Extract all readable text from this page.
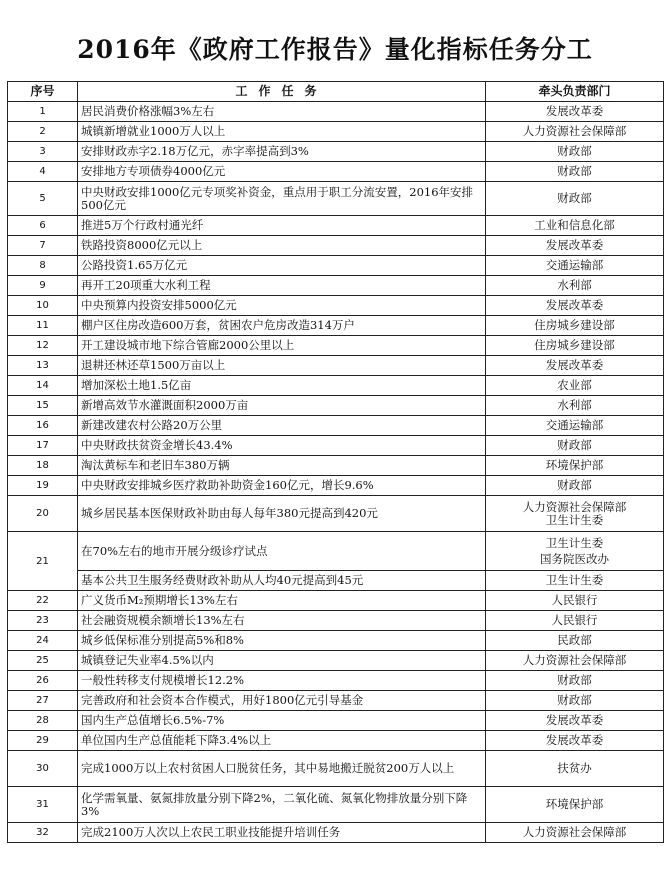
2016年《政府工作报告》量化指标任务分工
序号	工作任务	牵头负责部门
1	居民消费价格涨幅3%左右	发展改革委
2	城镇新增就业1000万人以上	人力资源社会保障部
3	安排财政赤字2.18万亿元，赤字率提高到3%	财政部
4	安排地方专项债券4000亿元	财政部
5	中央财政安排1000亿元专项奖补资金，重点用于职工分流安置，2016年安排500亿元	财政部
6	推进5万个行政村通光纤	工业和信息化部
7	铁路投资8000亿元以上	发展改革委
8	公路投资1.65万亿元	交通运输部
9	再开工20项重大水利工程	水利部
10	中央预算内投资安排5000亿元	发展改革委
11	棚户区住房改造600万套，贫困农户危房改造314万户	住房城乡建设部
12	开工建设城市地下综合管廊2000公里以上	住房城乡建设部
13	退耕还林还草1500万亩以上	发展改革委
14	增加深松土地1.5亿亩	农业部
15	新增高效节水灌溉面积2000万亩	水利部
16	新建改建农村公路20万公里	交通运输部
17	中央财政扶贫资金增长43.4%	财政部
18	淘汰黄标车和老旧车380万辆	环境保护部
19	中央财政安排城乡医疗救助补助资金160亿元，增长9.6%	财政部
20	城乡居民基本医保财政补助由每人每年380元提高到420元	人力资源社会保障部
卫生计生委

21	在70%左右的地市开展分级诊疗试点	卫生计生委
国务院医改办

	基本公共卫生服务经费财政补助从人均40元提高到45元	卫生计生委
22	广义货币M₂预期增长13%左右	人民银行
23	社会融资规模余额增长13%左右	人民银行
24	城乡低保标准分别提高5%和8%	民政部
25	城镇登记失业率4.5%以内	人力资源社会保障部
26	一般性转移支付规模增长12.2%	财政部
27	完善政府和社会资本合作模式，用好1800亿元引导基金	财政部
28	国内生产总值增长6.5%-7%	发展改革委
29	单位国内生产总值能耗下降3.4%以上	发展改革委
30	完成1000万以上农村贫困人口脱贫任务，其中易地搬迁脱贫200万人以上	扶贫办
31	化学需氧量、氨氮排放量分别下降2%，二氧化硫、氮氧化物排放量分别下降3%	环境保护部
32	完成2100万人次以上农民工职业技能提升培训任务	人力资源社会保障部
